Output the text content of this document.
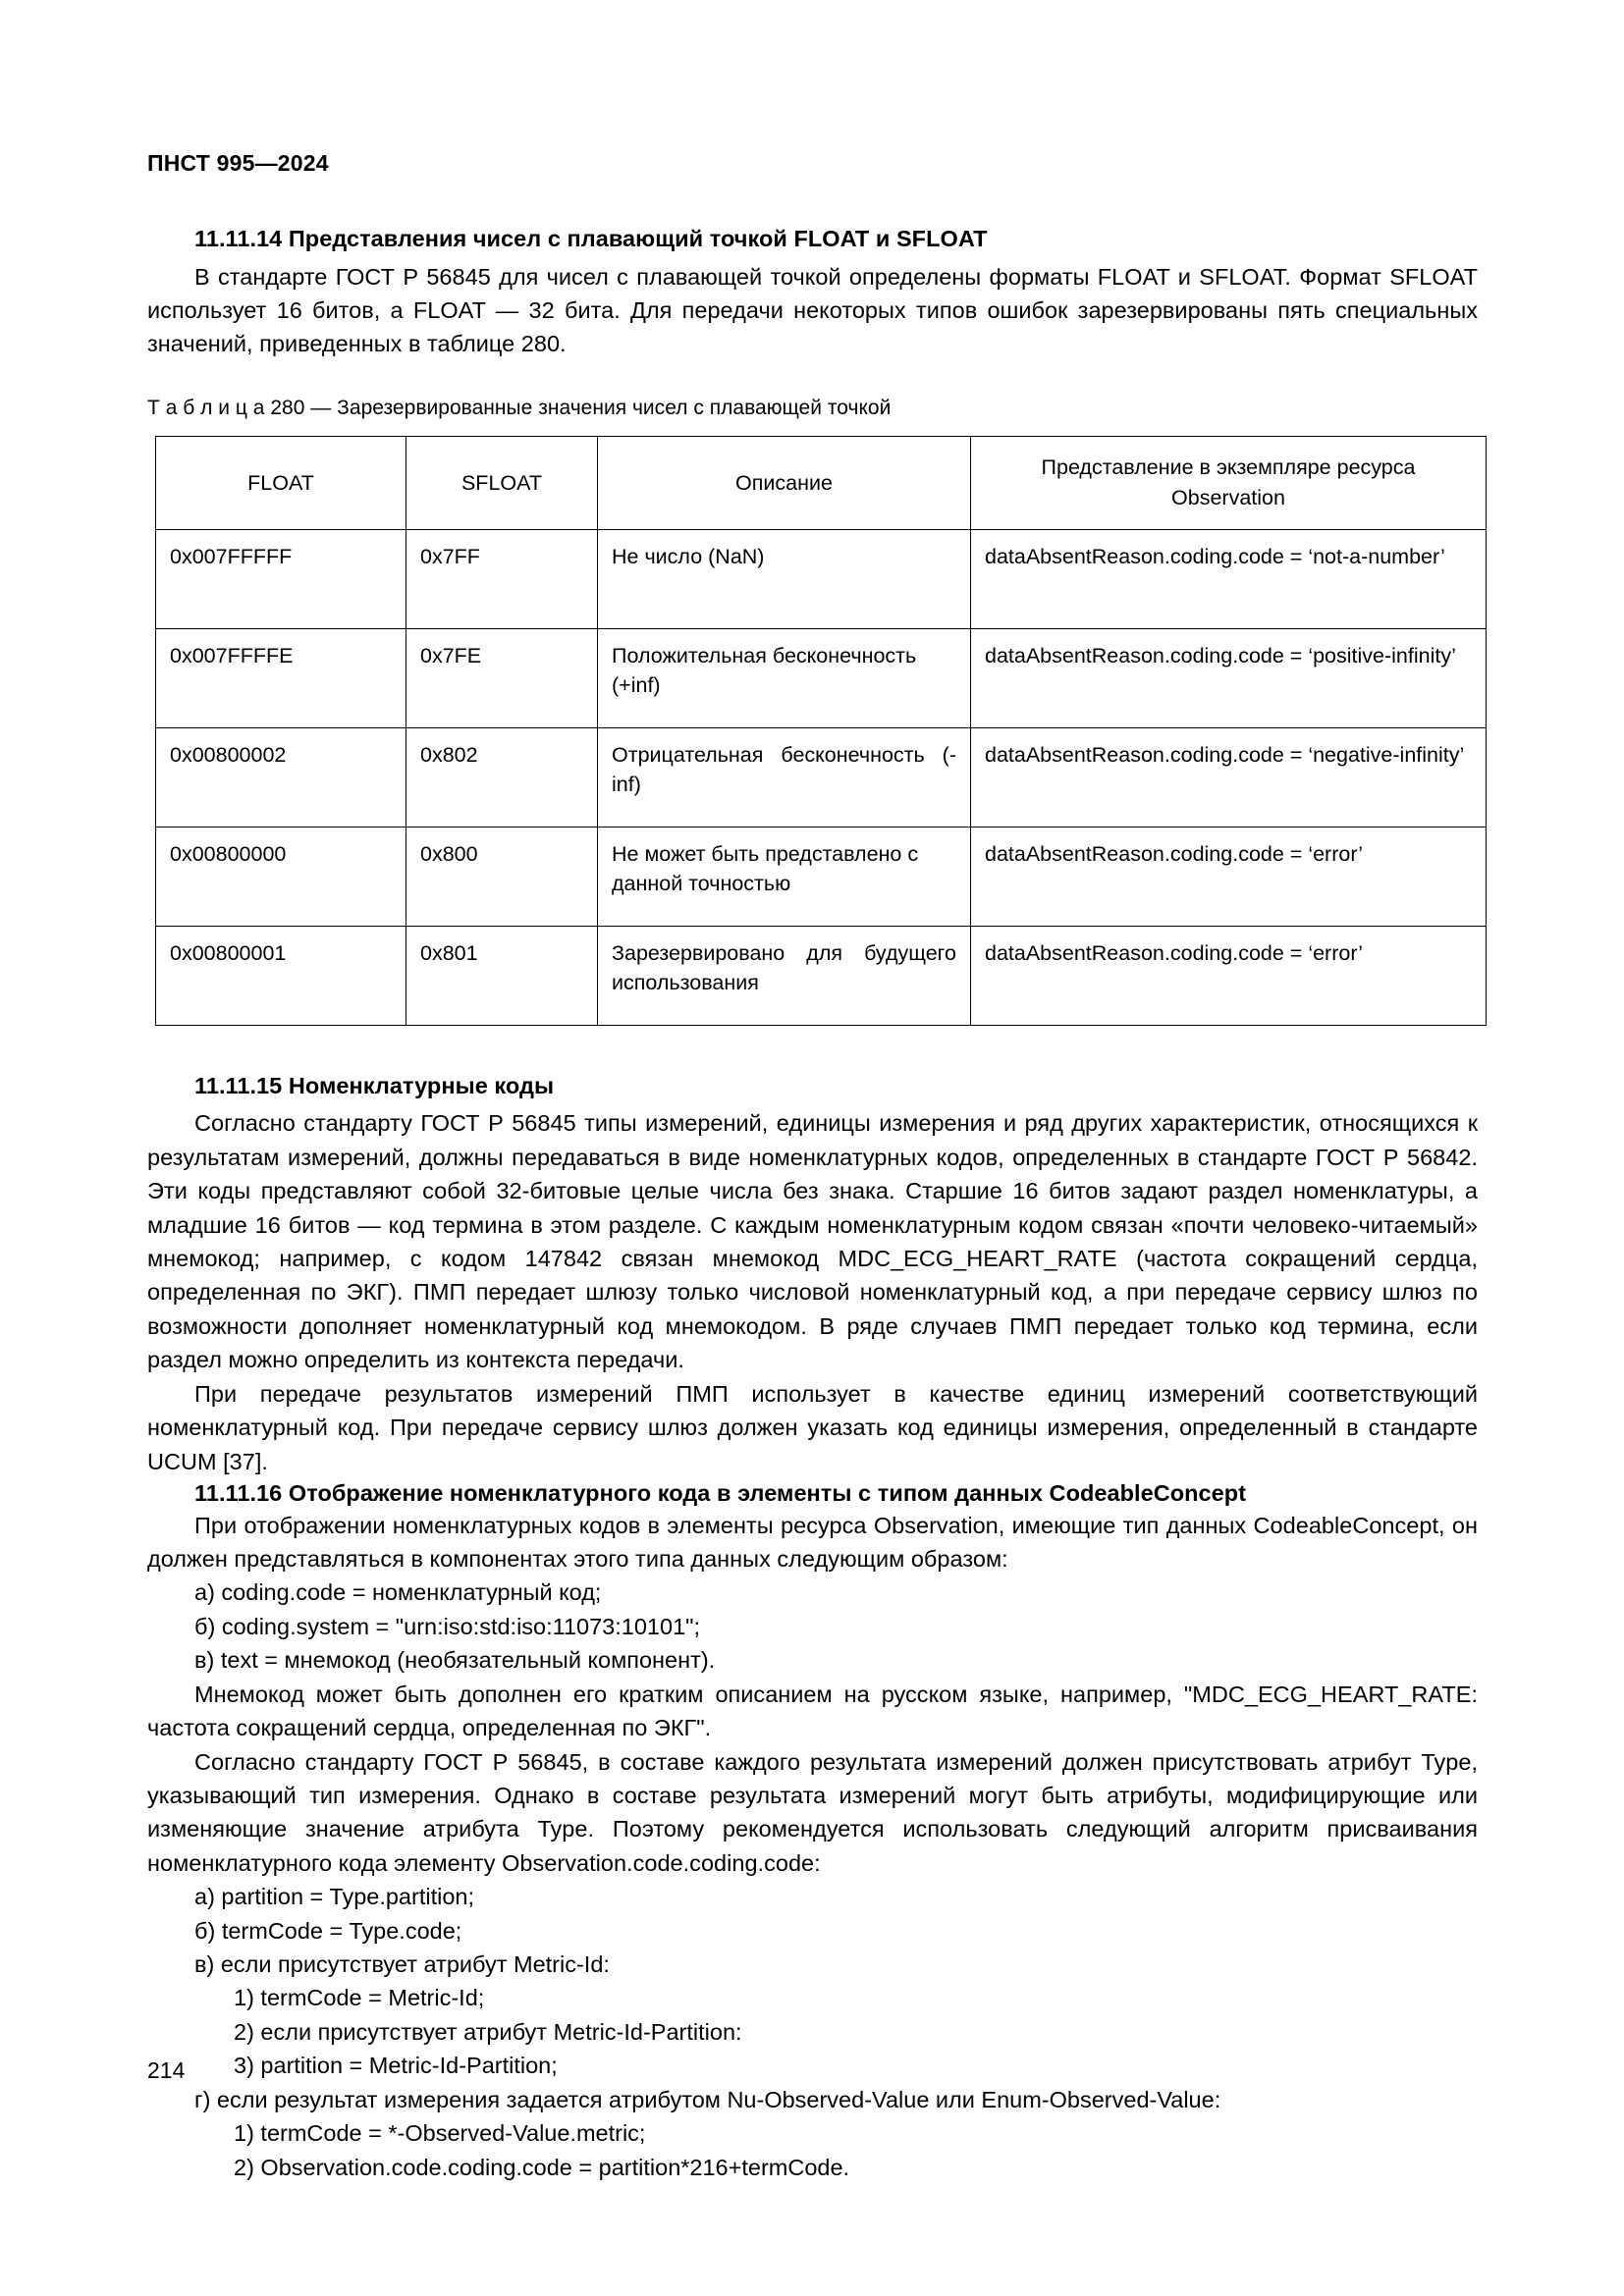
ПНСТ 995—2024
11.11.14 Представления чисел с плавающий точкой FLOAT и SFLOAT

В стандарте ГОСТ Р 56845 для чисел с плавающей точкой определены форматы FLOAT и SFLOAT. Формат SFLOAT использует 16 битов, а FLOAT — 32 бита. Для передачи некоторых типов ошибок зарезервированы пять специальных значений, приведенных в таблице 280.

Т а б л и ц а 280 — Зарезервированные значения чисел с плавающей точкой
FLOAT	SFLOAT	Описание	Представление в экземпляре ресурса Observation
0x007FFFFF	0x7FF	Не число (NaN)	dataAbsentReason.coding.code = ‘not-a-number’
0x007FFFFE	0x7FE	Положительная бесконечность (+inf)	dataAbsentReason.coding.code = ‘positive-infinity’
0x00800002	0x802	Отрицательная бесконечность (-inf)	dataAbsentReason.coding.code = ‘negative-infinity’
0x00800000	0x800	Не может быть представлено с данной точностью	dataAbsentReason.coding.code = ‘error’
0x00800001	0x801	Зарезервировано для будущего использования	dataAbsentReason.coding.code = ‘error’
11.11.15 Номенклатурные коды

Согласно стандарту ГОСТ Р 56845 типы измерений, единицы измерения и ряд других характеристик, относящихся к результатам измерений, должны передаваться в виде номенклатурных кодов, определенных в стандарте ГОСТ Р 56842. Эти коды представляют собой 32-битовые целые числа без знака. Старшие 16 битов задают раздел номенклатуры, а младшие 16 битов — код термина в этом разделе. С каждым номенклатурным кодом связан «почти человеко-читаемый» мнемокод; например, с кодом 147842 связан мнемокод MDC_ECG_HEART_RATE (частота сокращений сердца, определенная по ЭКГ). ПМП передает шлюзу только числовой номенклатурный код, а при передаче сервису шлюз по возможности дополняет номенклатурный код мнемокодом. В ряде случаев ПМП передает только код термина, если раздел можно определить из контекста передачи.

При передаче результатов измерений ПМП использует в качестве единиц измерений соответствующий номенклатурный код. При передаче сервису шлюз должен указать код единицы измерения, определенный в стандарте UCUM [37].

11.11.16 Отображение номенклатурного кода в элементы с типом данных CodeableConcept

При отображении номенклатурных кодов в элементы ресурса Observation, имеющие тип данных CodeableConcept, он должен представляться в компонентах этого типа данных следующим образом:

а) coding.code = номенклатурный код;

б) coding.system = "urn:iso:std:iso:11073:10101";

в) text = мнемокод (необязательный компонент).

Мнемокод может быть дополнен его кратким описанием на русском языке, например, "MDC_ECG_HEART_RATE: частота сокращений сердца, определенная по ЭКГ".

Согласно стандарту ГОСТ Р 56845, в составе каждого результата измерений должен присутствовать атрибут Type, указывающий тип измерения. Однако в составе результата измерений могут быть атрибуты, модифицирующие или изменяющие значение атрибута Type. Поэтому рекомендуется использовать следующий алгоритм присваивания номенклатурного кода элементу Observation.code.coding.code:

а) partition = Type.partition;

б) termCode = Type.code;

в) если присутствует атрибут Metric-Id:

1) termCode = Metric-Id;

2) если присутствует атрибут Metric-Id-Partition:

3) partition = Metric-Id-Partition;

г) если результат измерения задается атрибутом Nu-Observed-Value или Enum-Observed-Value:

1) termCode = *-Observed-Value.metric;

2) Observation.code.coding.code = partition*216+termCode.

214
